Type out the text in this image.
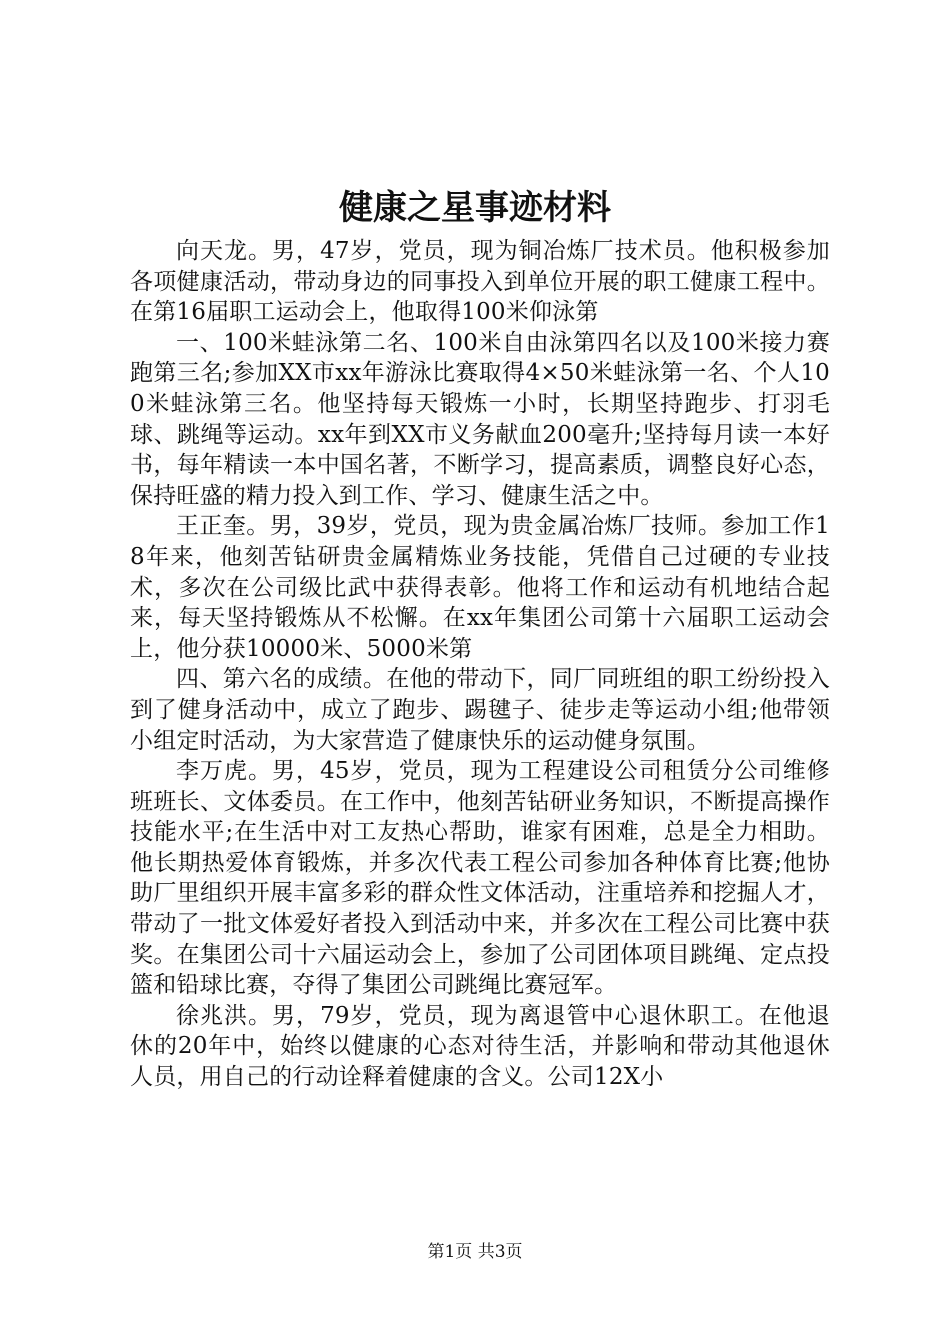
健康之星事迹材料

向天龙。男，47岁，党员，现为铜冶炼厂技术员。他积极参加各项健康活动，带动身边的同事投入到单位开展的职工健康工程中。在第16届职工运动会上，他取得100米仰泳第

一、100米蛙泳第二名、100米自由泳第四名以及100米接力赛跑第三名;参加XX市xx年游泳比赛取得4×50米蛙泳第一名、个人100米蛙泳第三名。他坚持每天锻炼一小时，长期坚持跑步、打羽毛球、跳绳等运动。xx年到XX市义务献血200毫升;坚持每月读一本好书，每年精读一本中国名著，不断学习，提高素质，调整良好心态，保持旺盛的精力投入到工作、学习、健康生活之中。

王正奎。男，39岁，党员，现为贵金属冶炼厂技师。参加工作18年来，他刻苦钻研贵金属精炼业务技能，凭借自己过硬的专业技术，多次在公司级比武中获得表彰。他将工作和运动有机地结合起来，每天坚持锻炼从不松懈。在xx年集团公司第十六届职工运动会上，他分获10000米、5000米第

四、第六名的成绩。在他的带动下，同厂同班组的职工纷纷投入到了健身活动中，成立了跑步、踢毽子、徒步走等运动小组;他带领小组定时活动，为大家营造了健康快乐的运动健身氛围。

李万虎。男，45岁，党员，现为工程建设公司租赁分公司维修班班长、文体委员。在工作中，他刻苦钻研业务知识，不断提高操作技能水平;在生活中对工友热心帮助，谁家有困难，总是全力相助。他长期热爱体育锻炼，并多次代表工程公司参加各种体育比赛;他协助厂里组织开展丰富多彩的群众性文体活动，注重培养和挖掘人才，带动了一批文体爱好者投入到活动中来，并多次在工程公司比赛中获奖。在集团公司十六届运动会上，参加了公司团体项目跳绳、定点投篮和铅球比赛，夺得了集团公司跳绳比赛冠军。

徐兆洪。男，79岁，党员，现为离退管中心退休职工。在他退休的20年中，始终以健康的心态对待生活，并影响和带动其他退休人员，用自己的行动诠释着健康的含义。公司12X小

第1页 共3页
